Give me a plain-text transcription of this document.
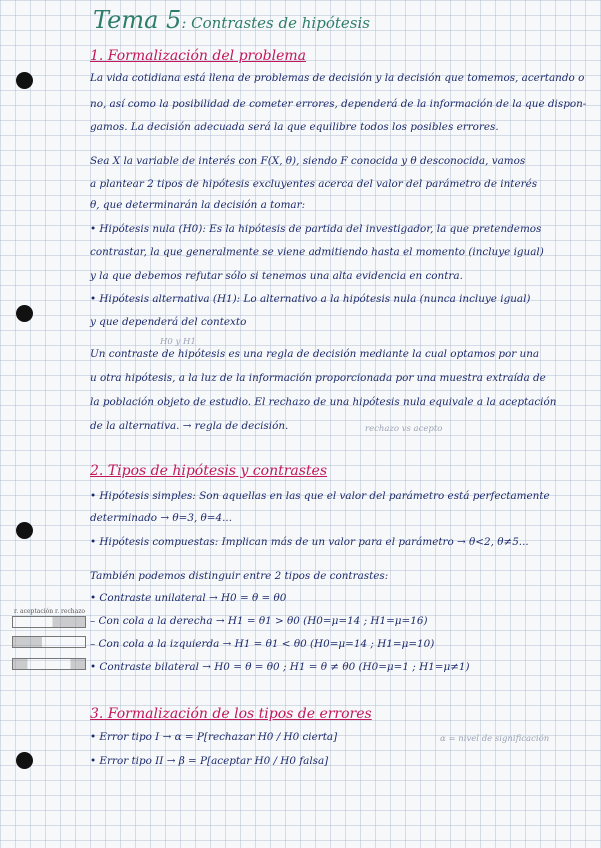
Tema 5: Contrastes de hipótesis
1. Formalización del problema
La vida cotidiana está llena de problemas de decisión y la decisión que tomemos, acertando o
no, así como la posibilidad de cometer errores, dependerá de la información de la que dispon-
gamos. La decisión adecuada será la que equilibre todos los posibles errores.
Sea X la variable de interés con F(X, θ), siendo F conocida y θ desconocida, vamos
a plantear 2 tipos de hipótesis excluyentes acerca del valor del parámetro de interés
θ, que determinarán la decisión a tomar:
• Hipótesis nula (H0): Es la hipótesis de partida del investigador, la que pretendemos
contrastar, la que generalmente se viene admitiendo hasta el momento (incluye igual)
y la que debemos refutar sólo si tenemos una alta evidencia en contra.
• Hipótesis alternativa (H1): Lo alternativo a la hipótesis nula (nunca incluye igual)
y que dependerá del contexto
H0 y H1
Un contraste de hipótesis es una regla de decisión mediante la cual optamos por una
u otra hipótesis, a la luz de la información proporcionada por una muestra extraída de
la población objeto de estudio. El rechazo de una hipótesis nula equivale a la aceptación
de la alternativa. → regla de decisión.	rechazo vs acepto
2. Tipos de hipótesis y contrastes
• Hipótesis simples: Son aquellas en las que el valor del parámetro está perfectamente
determinado → θ=3, θ=4...
• Hipótesis compuestas: Implican más de un valor para el parámetro → θ<2, θ≠5...
También podemos distinguir entre 2 tipos de contrastes:
• Contraste unilateral → H0 = θ = θ0
– Con cola a la derecha → H1 = θ1 > θ0 (H0=μ=14 ; H1=μ=16)
– Con cola a la izquierda → H1 = θ1 < θ0 (H0=μ=14 ; H1=μ=10)
• Contraste bilateral → H0 = θ = θ0 ; H1 = θ ≠ θ0 (H0=μ=1 ; H1=μ≠1)
r. aceptación r. rechazo
3. Formalización de los tipos de errores
• Error tipo I → α = P[rechazar H0 / H0 cierta]	α = nivel de significación
• Error tipo II → β = P[aceptar H0 / H0 falsa]
